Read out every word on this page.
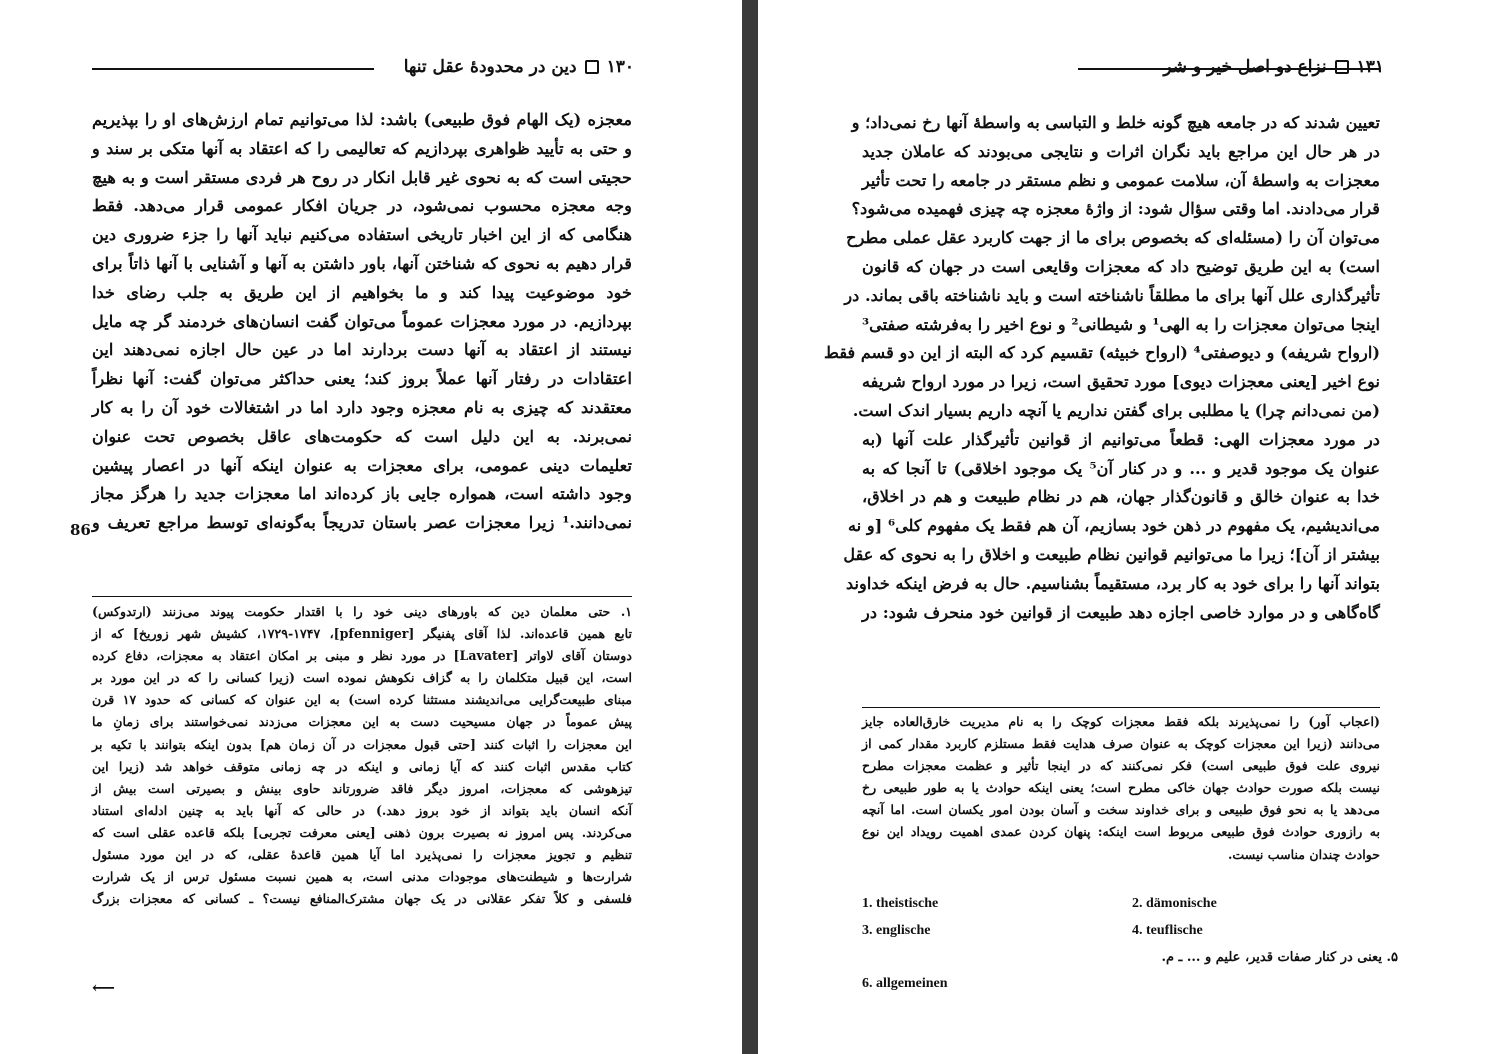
۱۳۰
دین در محدودهٔ عقل تنها
معجزه (یک الهام فوق طبیعی) باشد: لذا می‌توانیم تمام ارزش‌های او را بپذیریم
و حتی به تأیید ظواهری بپردازیم که تعالیمی را که اعتقاد به آنها متکی بر سند و
حجیتی است که به نحوی غیر قابل انکار در روح هر فردی مستقر است و به هیچ
وجه معجزه محسوب نمی‌شود، در جریان افکار عمومی قرار می‌دهد. فقط
هنگامی که از این اخبار تاریخی استفاده می‌کنیم نباید آنها را جزء ضروری دین
قرار دهیم به نحوی که شناختن آنها، باور داشتن به آنها و آشنایی با آنها ذاتاً برای
خود موضوعیت پیدا کند و ما بخواهیم از این طریق به جلب رضای خدا
بپردازیم. در مورد معجزات عموماً می‌توان گفت انسان‌های خردمند گر چه مایل
نیستند از اعتقاد به آنها دست بردارند اما در عین حال اجازه نمی‌دهند این
اعتقادات در رفتار آنها عملاً بروز کند؛ یعنی حداکثر می‌توان گفت: آنها نظراً
معتقدند که چیزی به نام معجزه وجود دارد اما در اشتغالات خود آن را به کار
نمی‌برند. به این دلیل است که حکومت‌های عاقل بخصوص تحت عنوان
تعلیمات دینی عمومی، برای معجزات به عنوان اینکه آنها در اعصار پیشین
وجود داشته است، همواره جایی باز کرده‌اند اما معجزات جدید را هرگز مجاز
نمی‌دانند.¹ زیرا معجزات عصر باستان تدریجاً به‌گونه‌ای توسط مراجع تعریف و
86
۱. حتی معلمان دین که باورهای دینی خود را با اقتدار حکومت پیوند می‌زنند (ارتدوکس)
تابع همین قاعده‌اند. لذا آقای پفنیگر [pfenniger]، ۱۷۲۹-۱۷۴۷، کشیش شهر زوریخ] که از
دوستان آقای لاواتر [Lavater] در مورد نظر و مبنی بر امکان اعتقاد به معجزات، دفاع کرده
است، این قبیل متکلمان را به گزاف نکوهش نموده است (زیرا کسانی را که در این مورد بر
مبنای طبیعت‌گرایی می‌اندیشند مستثنا کرده است) به این عنوان که کسانی که حدود ۱۷ قرن
پیش عموماً در جهان مسیحیت دست به این معجزات می‌زدند نمی‌خواستند برای زمانِ ما
این معجزات را اثبات کنند [حتی قبول معجزات در آن زمان هم] بدون اینکه بتوانند با تکیه بر
کتاب مقدس اثبات کنند که آیا زمانی و اینکه در چه زمانی متوقف خواهد شد (زیرا این
تیزهوشی که معجزات، امروز دیگر فاقد ضرورتاند حاوی بینش و بصیرتی است بیش از
آنکه انسان باید بتواند از خود بروز دهد.) در حالی که آنها باید به چنین ادله‌ای استناد
می‌کردند. پس امروز نه بصیرت برون ذهنی [یعنی معرفت تجربی] بلکه قاعده عقلی است که
تنظیم و تجویز معجزات را نمی‌پذیرد اما آیا همین قاعدهٔ عقلی، که در این مورد مسئول
شرارت‌ها و شیطنت‌های موجودات مدنی است، به همین نسبت مسئول ترس از یک شرارت
فلسفی و کلاً تفکر عقلانی در یک جهان مشترک‌المنافع نیست؟ ـ کسانی که معجزات بزرگ
⟵
۱۳۱
نزاع دو اصل خیر و شر
تعیین شدند که در جامعه هیچ گونه خلط و التباسی به واسطهٔ آنها رخ نمی‌داد؛ و
در هر حال این مراجع باید نگران اثرات و نتایجی می‌بودند که عاملان جدید
معجزات به واسطهٔ آن، سلامت عمومی و نظم مستقر در جامعه را تحت تأثیر
قرار می‌دادند. اما وقتی سؤال شود: از واژهٔ معجزه چه چیزی فهمیده می‌شود؟
می‌توان آن را (مسئله‌ای که بخصوص برای ما از جهت کاربرد عقل عملی مطرح
است) به این طریق توضیح داد که معجزات وقایعی است در جهان که قانون
تأثیرگذاری علل آنها برای ما مطلقاً ناشناخته است و باید ناشناخته باقی بماند. در
اینجا می‌توان معجزات را به الهی¹ و شیطانی² و نوع اخیر را به‌فرشته صفتی³
(ارواح شریفه) و دیوصفتی⁴ (ارواح خبیثه) تقسیم کرد که البته از این دو قسم فقط
نوع اخیر [یعنی معجزات دیوی] مورد تحقیق است، زیرا در مورد ارواح شریفه
(من نمی‌دانم چرا) یا مطلبی برای گفتن نداریم یا آنچه داریم بسیار اندک است.
در مورد معجزات الهی: قطعاً می‌توانیم از قوانین تأثیرگذار علت آنها (به
عنوان یک موجود قدیر و ... و در کنار آن⁵ یک موجود اخلاقی) تا آنجا که به
خدا به عنوان خالق و قانون‌گذار جهان، هم در نظام طبیعت و هم در اخلاق،
می‌اندیشیم، یک مفهوم در ذهن خود بسازیم، آن هم فقط یک مفهوم کلی⁶ [و نه
بیشتر از آن]؛ زیرا ما می‌توانیم قوانین نظام طبیعت و اخلاق را به نحوی که عقل
بتواند آنها را برای خود به کار برد، مستقیماً بشناسیم. حال به فرض اینکه خداوند
گاه‌گاهی و در موارد خاصی اجازه دهد طبیعت از قوانین خود منحرف شود: در
(اعجاب آور) را نمی‌پذیرند بلکه فقط معجزات کوچک را به نام مدیریت خارق‌العاده جایز
می‌دانند (زیرا این معجزات کوچک به عنوان صرف هدایت فقط مستلزم کاربرد مقدار کمی از
نیروی علت فوق طبیعی است) فکر نمی‌کنند که در اینجا تأثیر و عظمت معجزات مطرح
نیست بلکه صورت حوادث جهان خاکی مطرح است؛ یعنی اینکه حوادث یا به طور طبیعی رخ
می‌دهد یا به نحو فوق طبیعی و برای خداوند سخت و آسان بودن امور یکسان است. اما آنچه
به رازوری حوادث فوق طبیعی مربوط است اینکه: پنهان کردن عمدی اهمیت رویداد این نوع
حوادث چندان مناسب نیست.
1. theistische	2. dämonische
3. englische	4. teuflische
۵. یعنی در کنار صفات قدیر، علیم و ... ـ م.
6. allgemeinen
